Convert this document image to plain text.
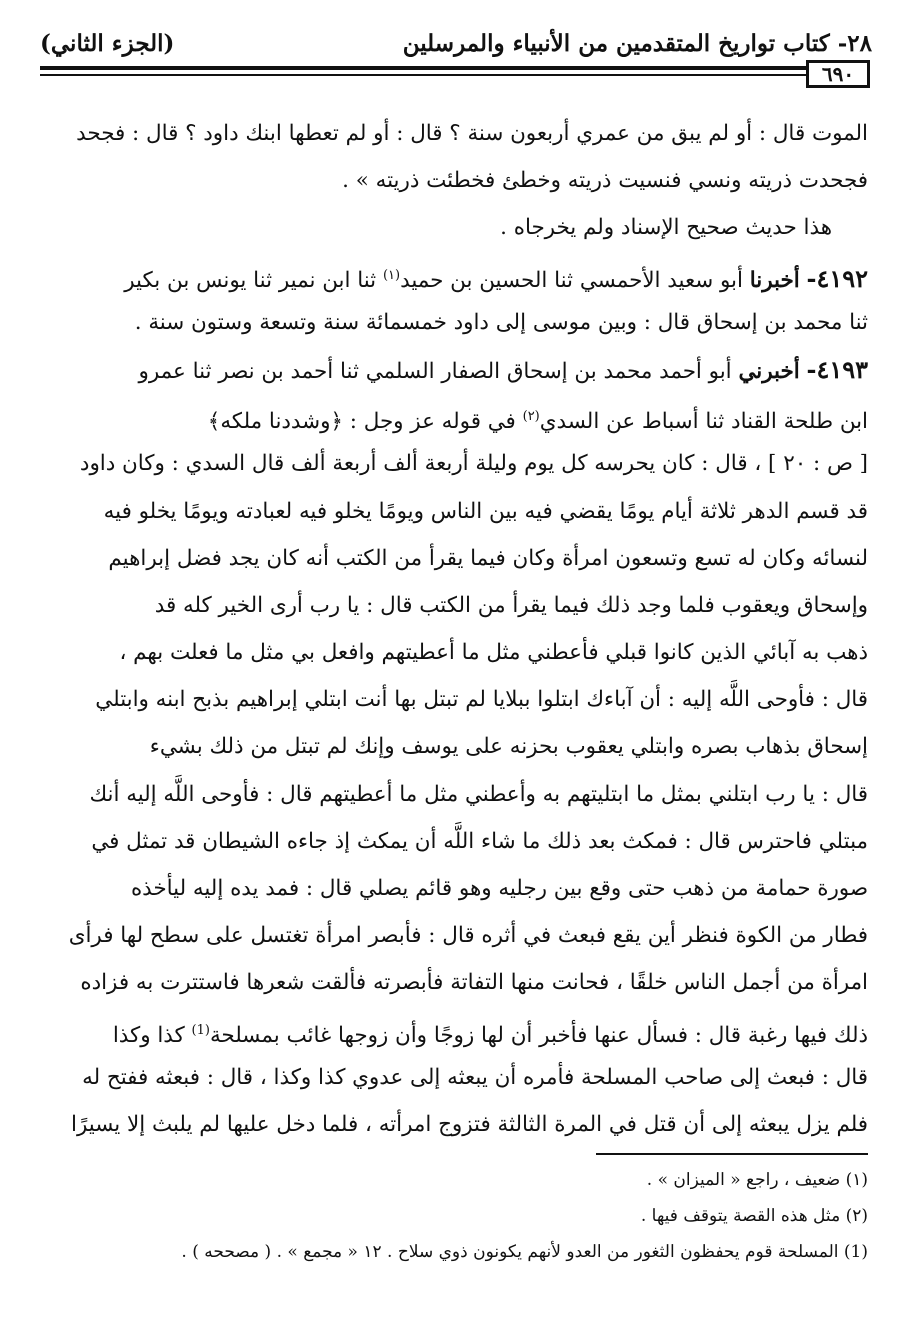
٢٨- كتاب تواريخ المتقدمين من الأنبياء والمرسلين
(الجزء الثاني)
٦٩٠
الموت قال : أو لم يبق من عمري أربعون سنة ؟ قال : أو لم تعطها ابنك داود ؟ قال : فجحد
فجحدت ذريته ونسي فنسيت ذريته وخطئ فخطئت ذريته » .
هذا حديث صحيح الإسناد ولم يخرجاه .
٤١٩٢- أخبرنا أبو سعيد الأحمسي ثنا الحسين بن حميد$^{(١)}$ ثنا ابن نمير ثنا يونس بن بكير
ثنا محمد بن إسحاق قال : وبين موسى إلى داود خمسمائة سنة وتسعة وستون سنة .
٤١٩٣- أخبرني أبو أحمد محمد بن إسحاق الصفار السلمي ثنا أحمد بن نصر ثنا عمرو
ابن طلحة القناد ثنا أسباط عن السدي$^{(٢)}$ في قوله عز وجل : ﴿وشددنا ملكه﴾
[ ص : ٢٠ ] ، قال : كان يحرسه كل يوم وليلة أربعة ألف أربعة ألف قال السدي : وكان داود
قد قسم الدهر ثلاثة أيام يومًا يقضي فيه بين الناس ويومًا يخلو فيه لعبادته ويومًا يخلو فيه
لنسائه وكان له تسع وتسعون امرأة وكان فيما يقرأ من الكتب أنه كان يجد فضل إبراهيم
وإسحاق ويعقوب فلما وجد ذلك فيما يقرأ من الكتب قال : يا رب أرى الخير كله قد
ذهب به آبائي الذين كانوا قبلي فأعطني مثل ما أعطيتهم وافعل بي مثل ما فعلت بهم ،
قال : فأوحى اللَّه إليه : أن آباءك ابتلوا ببلايا لم تبتل بها أنت ابتلي إبراهيم بذبح ابنه وابتلي
إسحاق بذهاب بصره وابتلي يعقوب بحزنه على يوسف وإنك لم تبتل من ذلك بشيء
قال : يا رب ابتلني بمثل ما ابتليتهم به وأعطني مثل ما أعطيتهم قال : فأوحى اللَّه إليه أنك
مبتلي فاحترس قال : فمكث بعد ذلك ما شاء اللَّه أن يمكث إذ جاءه الشيطان قد تمثل في
صورة حمامة من ذهب حتى وقع بين رجليه وهو قائم يصلي قال : فمد يده إليه ليأخذه
فطار من الكوة فنظر أين يقع فبعث في أثره قال : فأبصر امرأة تغتسل على سطح لها فرأى
امرأة من أجمل الناس خلقًا ، فحانت منها التفاتة فأبصرته فألقت شعرها فاستترت به فزاده
ذلك فيها رغبة قال : فسأل عنها فأخبر أن لها زوجًا وأن زوجها غائب بمسلحة$^{(1)}$ كذا وكذا
قال : فبعث إلى صاحب المسلحة فأمره أن يبعثه إلى عدوي كذا وكذا ، قال : فبعثه ففتح له
فلم يزل يبعثه إلى أن قتل في المرة الثالثة فتزوج امرأته ، فلما دخل عليها لم يلبث إلا يسيرًا
(١) ضعيف ، راجع « الميزان » .
(٢) مثل هذه القصة يتوقف فيها .
(1) المسلحة قوم يحفظون الثغور من العدو لأنهم يكونون ذوي سلاح . ١٢ « مجمع » . ( مصححه ) .
